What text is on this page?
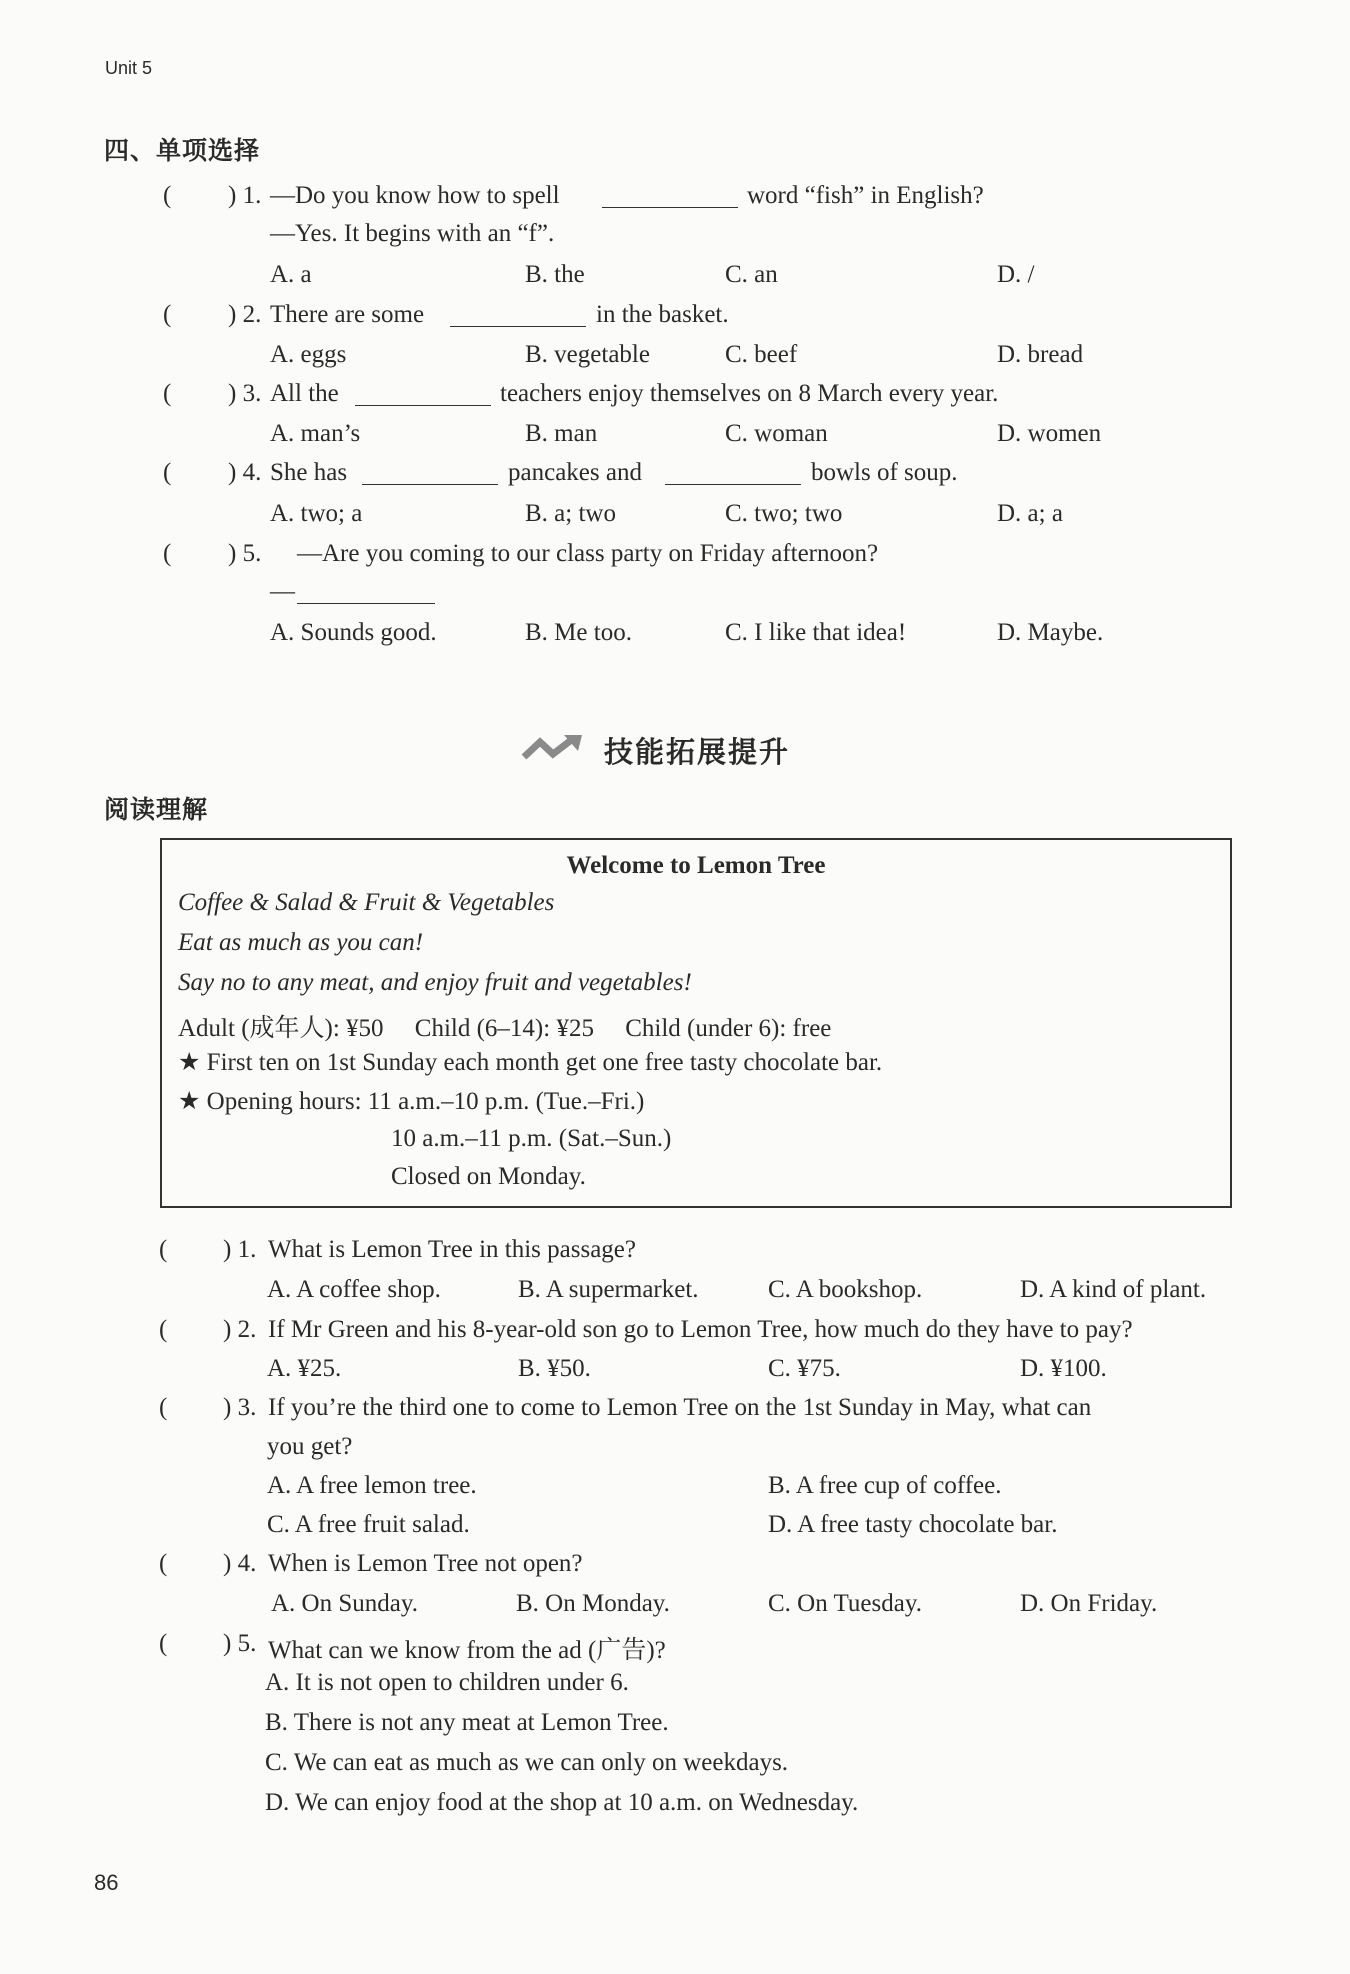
Unit 5
四、单项选择
( ) 1. —Do you know how to spell	word “fish” in English?
—Yes. It begins with an “f”.
A. a	B. the	C. an	D. /
( ) 2. There are some	in the basket.
A. eggs	B. vegetable	C. beef	D. bread
( ) 3. All the	teachers enjoy themselves on 8 March every year.
A. man’s	B. man	C. woman	D. women
( ) 4. She has	pancakes and	bowls of soup.
A. two; a	B. a; two	C. two; two	D. a; a
( ) 5. —Are you coming to our class party on Friday afternoon?
—
A. Sounds good.	B. Me too.	C. I like that idea!	D. Maybe.
技能拓展提升
阅读理解
Welcome to Lemon Tree
Coffee & Salad & Fruit & Vegetables
Eat as much as you can!
Say no to any meat, and enjoy fruit and vegetables!
Adult (成年人): ¥50     Child (6–14): ¥25     Child (under 6): free
★ First ten on 1st Sunday each month get one free tasty chocolate bar.
★ Opening hours: 11 a.m.–10 p.m. (Tue.–Fri.)
10 a.m.–11 p.m. (Sat.–Sun.)
Closed on Monday.
( ) 1. What is Lemon Tree in this passage?
A. A coffee shop.	B. A supermarket.	C. A bookshop.	D. A kind of plant.
( ) 2. If Mr Green and his 8-year-old son go to Lemon Tree, how much do they have to pay?
A. ¥25.	B. ¥50.	C. ¥75.	D. ¥100.
( ) 3. If you’re the third one to come to Lemon Tree on the 1st Sunday in May, what can
you get?
A. A free lemon tree.	B. A free cup of coffee.
C. A free fruit salad.	D. A free tasty chocolate bar.
( ) 4. When is Lemon Tree not open?
A. On Sunday.	B. On Monday.	C. On Tuesday.	D. On Friday.
( ) 5. What can we know from the ad (广告)?
A. It is not open to children under 6.
B. There is not any meat at Lemon Tree.
C. We can eat as much as we can only on weekdays.
D. We can enjoy food at the shop at 10 a.m. on Wednesday.
86
